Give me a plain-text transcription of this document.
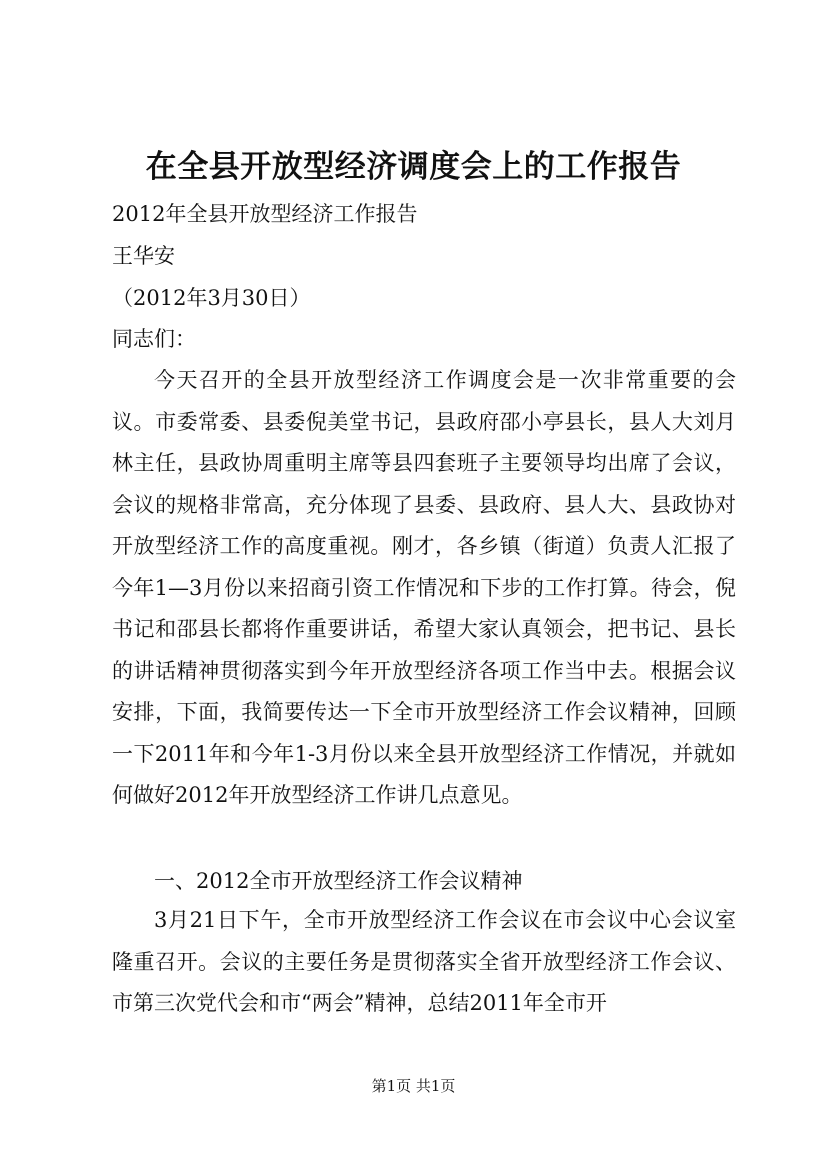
在全县开放型经济调度会上的工作报告
2012年全县开放型经济工作报告
王华安
（2012年3月30日）
同志们：

今天召开的全县开放型经济工作调度会是一次非常重要的会议。市委常委、县委倪美堂书记，县政府邵小亭县长，县人大刘月林主任，县政协周重明主席等县四套班子主要领导均出席了会议，会议的规格非常高，充分体现了县委、县政府、县人大、县政协对开放型经济工作的高度重视。刚才，各乡镇（街道）负责人汇报了今年1—3月份以来招商引资工作情况和下步的工作打算。待会，倪书记和邵县长都将作重要讲话，希望大家认真领会，把书记、县长的讲话精神贯彻落实到今年开放型经济各项工作当中去。根据会议安排，下面，我简要传达一下全市开放型经济工作会议精神，回顾一下2011年和今年1-3月份以来全县开放型经济工作情况，并就如何做好2012年开放型经济工作讲几点意见。

一、2012全市开放型经济工作会议精神

3月21日下午，全市开放型经济工作会议在市会议中心会议室隆重召开。会议的主要任务是贯彻落实全省开放型经济工作会议、市第三次党代会和市“两会”精神，总结2011年全市开

第1页 共1页
